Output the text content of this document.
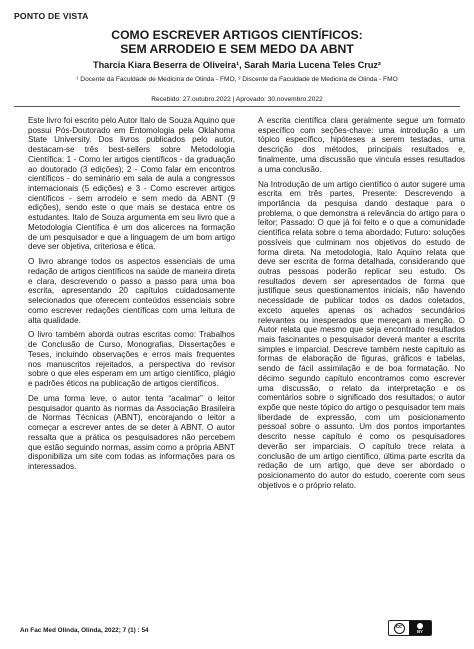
PONTO DE VISTA
COMO ESCREVER ARTIGOS CIENTÍFICOS:
SEM ARRODEIO E SEM MEDO DA ABNT
Tharcia Kiara Beserra de Oliveira¹, Sarah Maria Lucena Teles Cruz²
¹ Docente da Faculdade de Medicina de Olinda - FMO, ² Discente da Faculdade de Medicina de Olinda - FMO
Recebido: 27.outubro.2022 | Aprovado: 30.novembro.2022

Este livro foi escrito pelo Autor Italo de Souza Aquino que possui Pós-Doutorado em Entomologia pela Oklahoma State University. Dos livros publicados pelo autor, destacam-se três best-sellers sobre Metodologia Científica: 1 - Como ler artigos científicos - da graduação ao doutorado (3 edições); 2 - Como falar em encontros científicos - do seminário em sala de aula a congressos internacionais (5 edições) e 3 - Como escrever artigos científicos - sem arrodeio e sem medo da ABNT (9 edições), sendo este o que mais se destaca entre os estudantes. Italo de Souza argumenta em seu livro que a Metodologia Científica é um dos alicerces na formação de um pesquisador e que a linguagem de um bom artigo deve ser objetiva, criteriosa e ética.

O livro abrange todos os aspectos essenciais de uma redação de artigos científicos na saúde de maneira direta e clara, descrevendo o passo a passo para uma boa escrita, apresentando 20 capítulos cuidadosamente selecionados que oferecem conteúdos essenciais sobre como escrever redações científicas com uma leitura de alta qualidade.

O livro também aborda outras escritas como: Trabalhos de Conclusão de Curso, Monografias, Dissertações e Teses, incluindo observações e erros mais frequentes nos manuscritos rejeitados, a perspectiva do revisor sobre o que eles esperam em um artigo científico, plágio e padrões éticos na publicação de artigos científicos.

De uma forma leve, o autor tenta “acalmar” o leitor pesquisador quanto às normas da Associação Brasileira de Normas Técnicas (ABNT), encorajando o leitor a começar a escrever antes de se deter à ABNT. O autor ressalta que a prática os pesquisadores não percebem que estão seguindo normas, assim como a própria ABNT disponibiliza um site com todas as informações para os interessados.

A escrita científica clara geralmente segue um formato específico com seções-chave: uma introdução a um tópico específico, hipóteses a serem testadas, uma descrição dos métodos, principais resultados e, finalmente, uma discussão que vincula esses resultados a uma conclusão.

Na Introdução de um artigo científico o autor sugere uma escrita em três partes, Presente: Descrevendo a importância da pesquisa dando destaque para o problema, o que demonstra a relevância do artigo para o leitor; Passado: O que já foi feito e o que a comunidade científica relata sobre o tema abordado; Futuro: soluções possíveis que culminam nos objetivos do estudo de forma direta. Na metodologia, Italo Aquino relata que deve ser escrita de forma detalhada, considerando que outras pessoas poderão replicar seu estudo. Os resultados devem ser apresentados de forma que justifique seus questionamentos iniciais, não havendo necessidade de publicar todos os dados coletados, exceto aqueles apenas os achados secundários relevantes ou inesperados que mereçam a menção. O Autor relata que mesmo que seja encontrado resultados mais fascinantes o pesquisador deverá manter a escrita simples e imparcial. Descreve também neste capítulo as formas de elaboração de figuras, gráficos e tabelas, sendo de fácil assimilação e de boa formatação. No décimo segundo capítulo encontramos como escrever uma discussão, o relato da interpretação e os comentários sobre o significado dos resultados; o autor expõe que neste tópico do artigo o pesquisador tem mais liberdade de expressão, com um posicionamento pessoal sobre o assunto. Um dos pontos importantes descrito nesse capítulo é como os pesquisadores deverão ser imparciais. O capítulo trece relata a conclusão de um artigo científico, última parte escrita da redação de um artigo, que deve ser abordado o posicionamento do autor do estudo, coerente com seus objetivos e o próprio relato.

An Fac Med Olinda, Olinda, 2022; 7 (1) : 54	cc
BY
